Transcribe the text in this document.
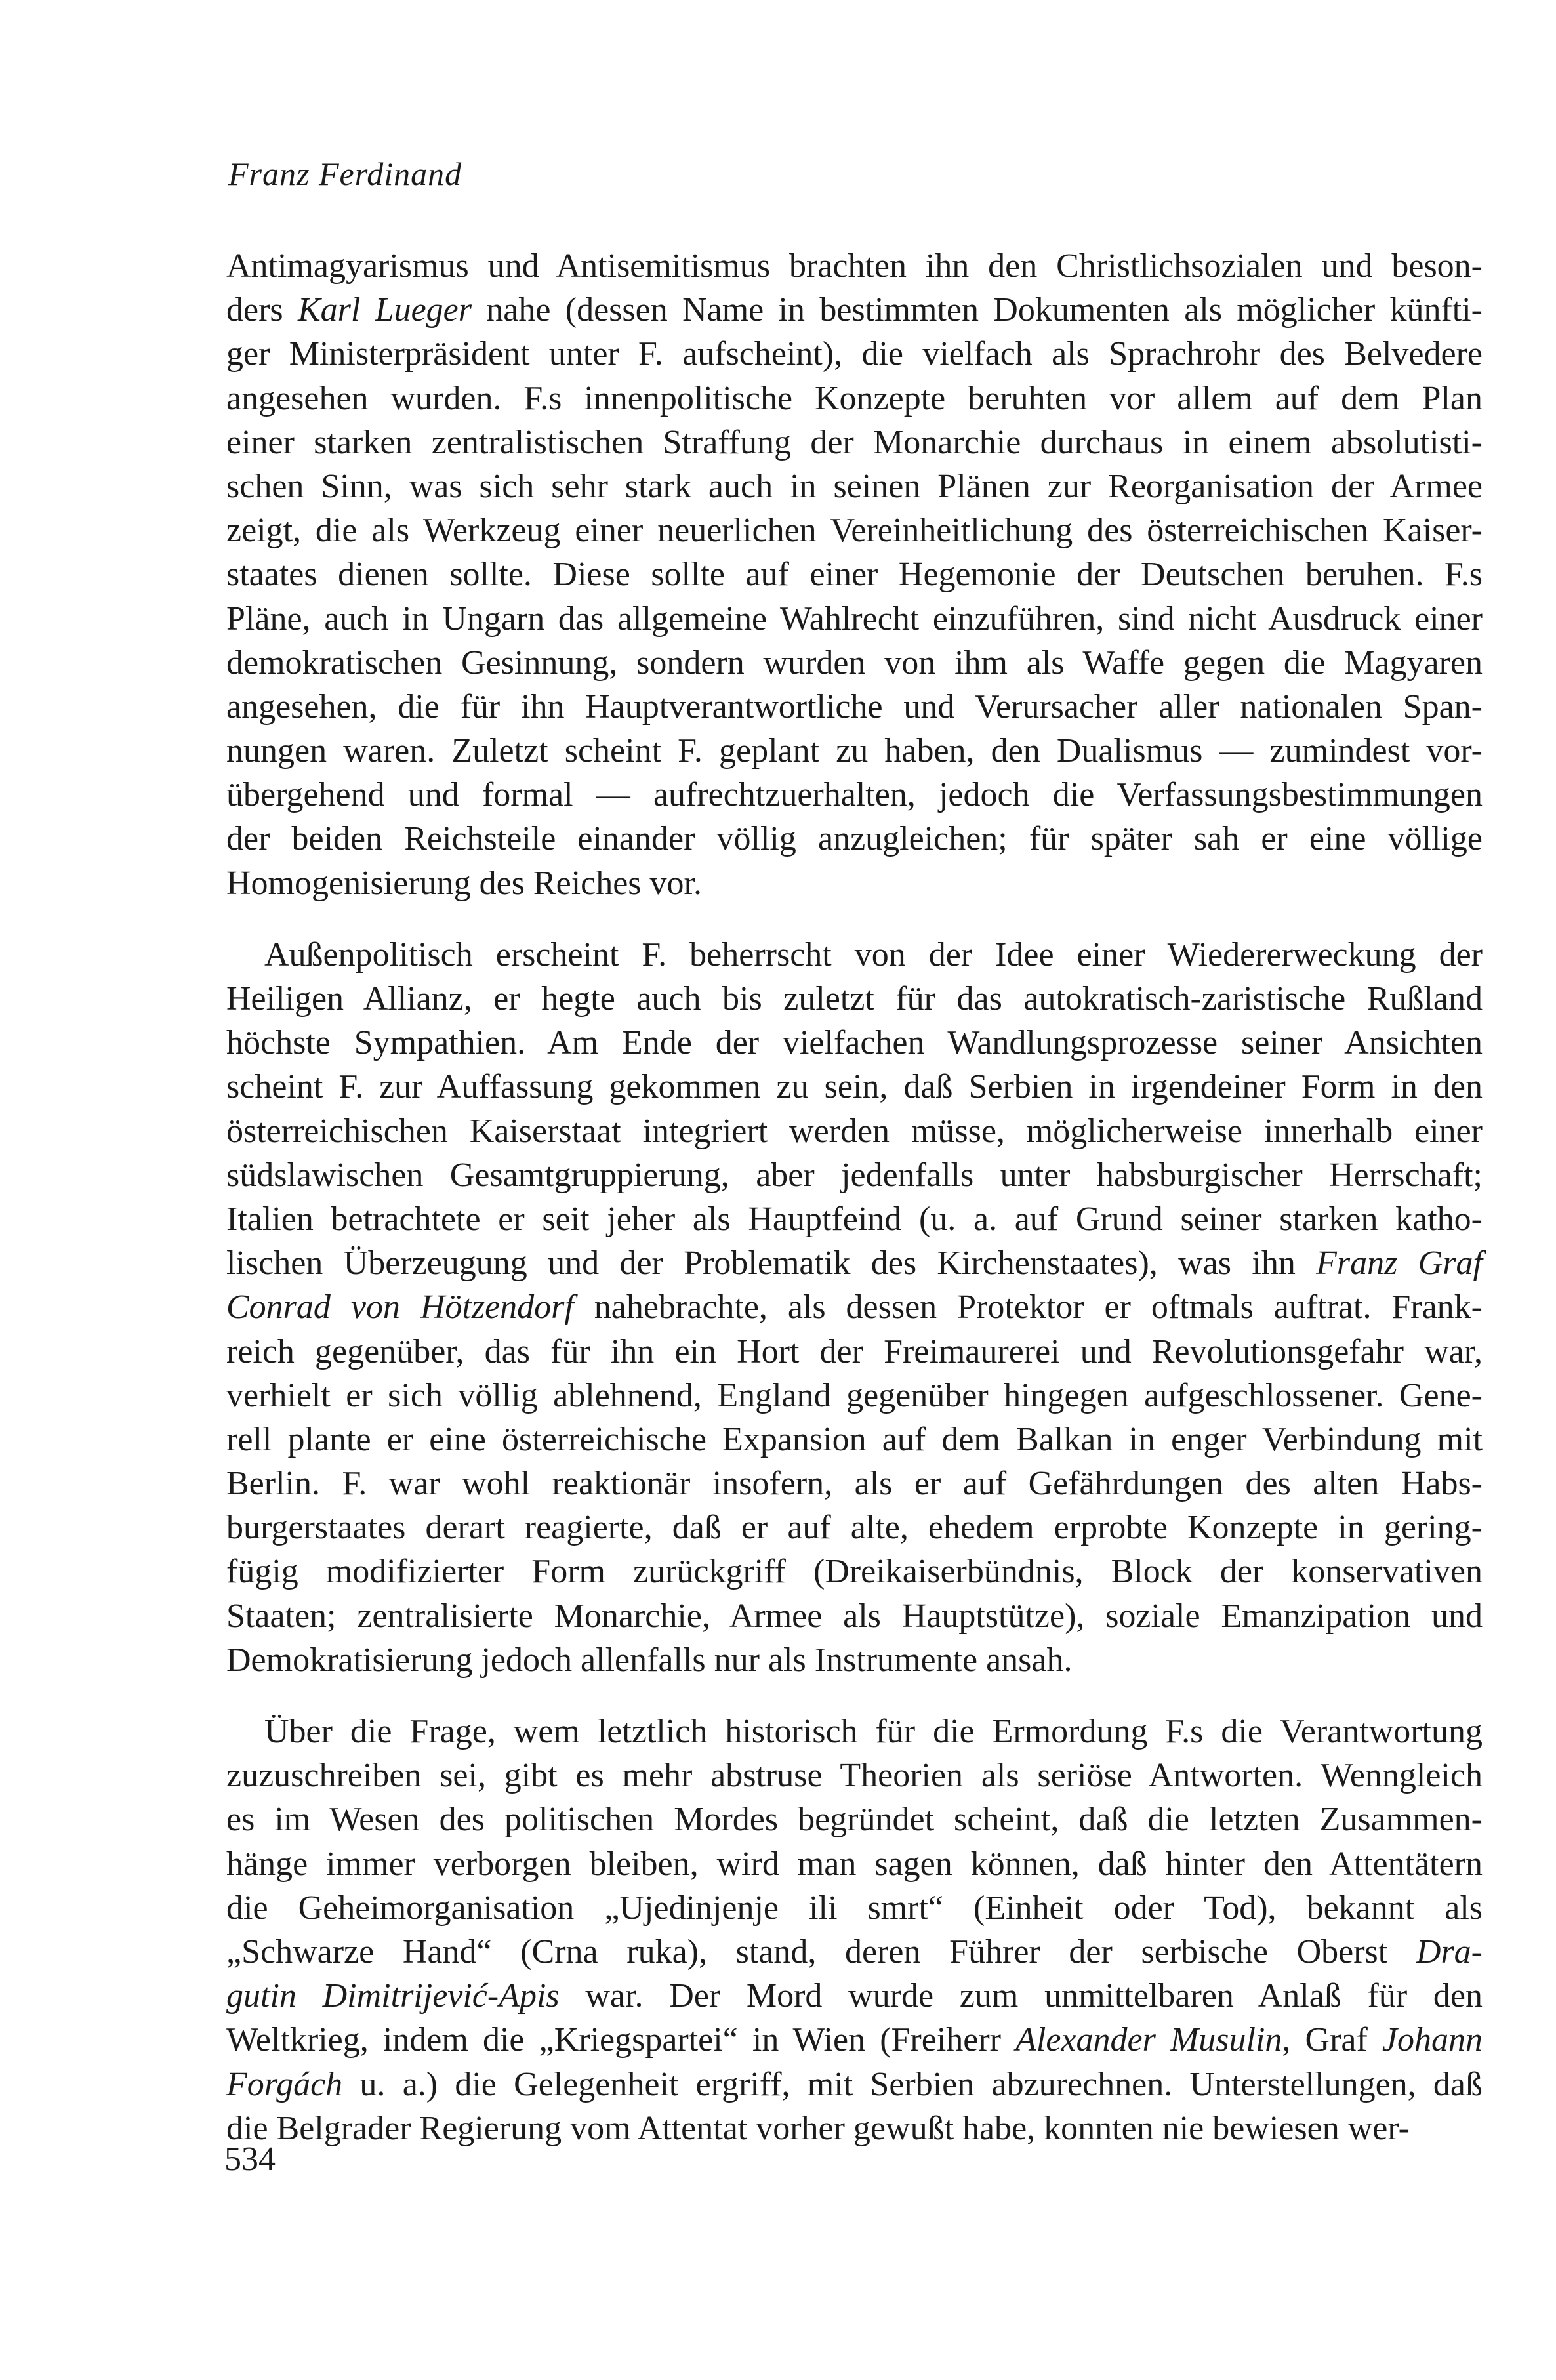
Franz Ferdinand
Antimagyarismus und Antisemitismus brachten ihn den Christlichsozialen und beson-
ders Karl Lueger nahe (dessen Name in bestimmten Dokumenten als möglicher künfti-
ger Ministerpräsident unter F. aufscheint), die vielfach als Sprachrohr des Belvedere
angesehen wurden. F.s innenpolitische Konzepte beruhten vor allem auf dem Plan
einer starken zentralistischen Straffung der Monarchie durchaus in einem absolutisti-
schen Sinn, was sich sehr stark auch in seinen Plänen zur Reorganisation der Armee
zeigt, die als Werkzeug einer neuerlichen Vereinheitlichung des österreichischen Kaiser-
staates dienen sollte. Diese sollte auf einer Hegemonie der Deutschen beruhen. F.s
Pläne, auch in Ungarn das allgemeine Wahlrecht einzuführen, sind nicht Ausdruck einer
demokratischen Gesinnung, sondern wurden von ihm als Waffe gegen die Magyaren
angesehen, die für ihn Hauptverantwortliche und Verursacher aller nationalen Span-
nungen waren. Zuletzt scheint F. geplant zu haben, den Dualismus — zumindest vor-
übergehend und formal — aufrechtzuerhalten, jedoch die Verfassungsbestimmungen
der beiden Reichsteile einander völlig anzugleichen; für später sah er eine völlige
Homogenisierung des Reiches vor.
Außenpolitisch erscheint F. beherrscht von der Idee einer Wiedererweckung der
Heiligen Allianz, er hegte auch bis zuletzt für das autokratisch-zaristische Rußland
höchste Sympathien. Am Ende der vielfachen Wandlungsprozesse seiner Ansichten
scheint F. zur Auffassung gekommen zu sein, daß Serbien in irgendeiner Form in den
österreichischen Kaiserstaat integriert werden müsse, möglicherweise innerhalb einer
südslawischen Gesamtgruppierung, aber jedenfalls unter habsburgischer Herrschaft;
Italien betrachtete er seit jeher als Hauptfeind (u. a. auf Grund seiner starken katho-
lischen Überzeugung und der Problematik des Kirchenstaates), was ihn Franz Graf
Conrad von Hötzendorf nahebrachte, als dessen Protektor er oftmals auftrat. Frank-
reich gegenüber, das für ihn ein Hort der Freimaurerei und Revolutionsgefahr war,
verhielt er sich völlig ablehnend, England gegenüber hingegen aufgeschlossener. Gene-
rell plante er eine österreichische Expansion auf dem Balkan in enger Verbindung mit
Berlin. F. war wohl reaktionär insofern, als er auf Gefährdungen des alten Habs-
burgerstaates derart reagierte, daß er auf alte, ehedem erprobte Konzepte in gering-
fügig modifizierter Form zurückgriff (Dreikaiserbündnis, Block der konservativen
Staaten; zentralisierte Monarchie, Armee als Hauptstütze), soziale Emanzipation und
Demokratisierung jedoch allenfalls nur als Instrumente ansah.
Über die Frage, wem letztlich historisch für die Ermordung F.s die Verantwortung
zuzuschreiben sei, gibt es mehr abstruse Theorien als seriöse Antworten. Wenngleich
es im Wesen des politischen Mordes begründet scheint, daß die letzten Zusammen-
hänge immer verborgen bleiben, wird man sagen können, daß hinter den Attentätern
die Geheimorganisation „Ujedinjenje ili smrt“ (Einheit oder Tod), bekannt als
„Schwarze Hand“ (Crna ruka), stand, deren Führer der serbische Oberst Dra-
gutin Dimitrijević-Apis war. Der Mord wurde zum unmittelbaren Anlaß für den
Weltkrieg, indem die „Kriegspartei“ in Wien (Freiherr Alexander Musulin, Graf Johann
Forgách u. a.) die Gelegenheit ergriff, mit Serbien abzurechnen. Unterstellungen, daß
die Belgrader Regierung vom Attentat vorher gewußt habe, konnten nie bewiesen wer-
534
